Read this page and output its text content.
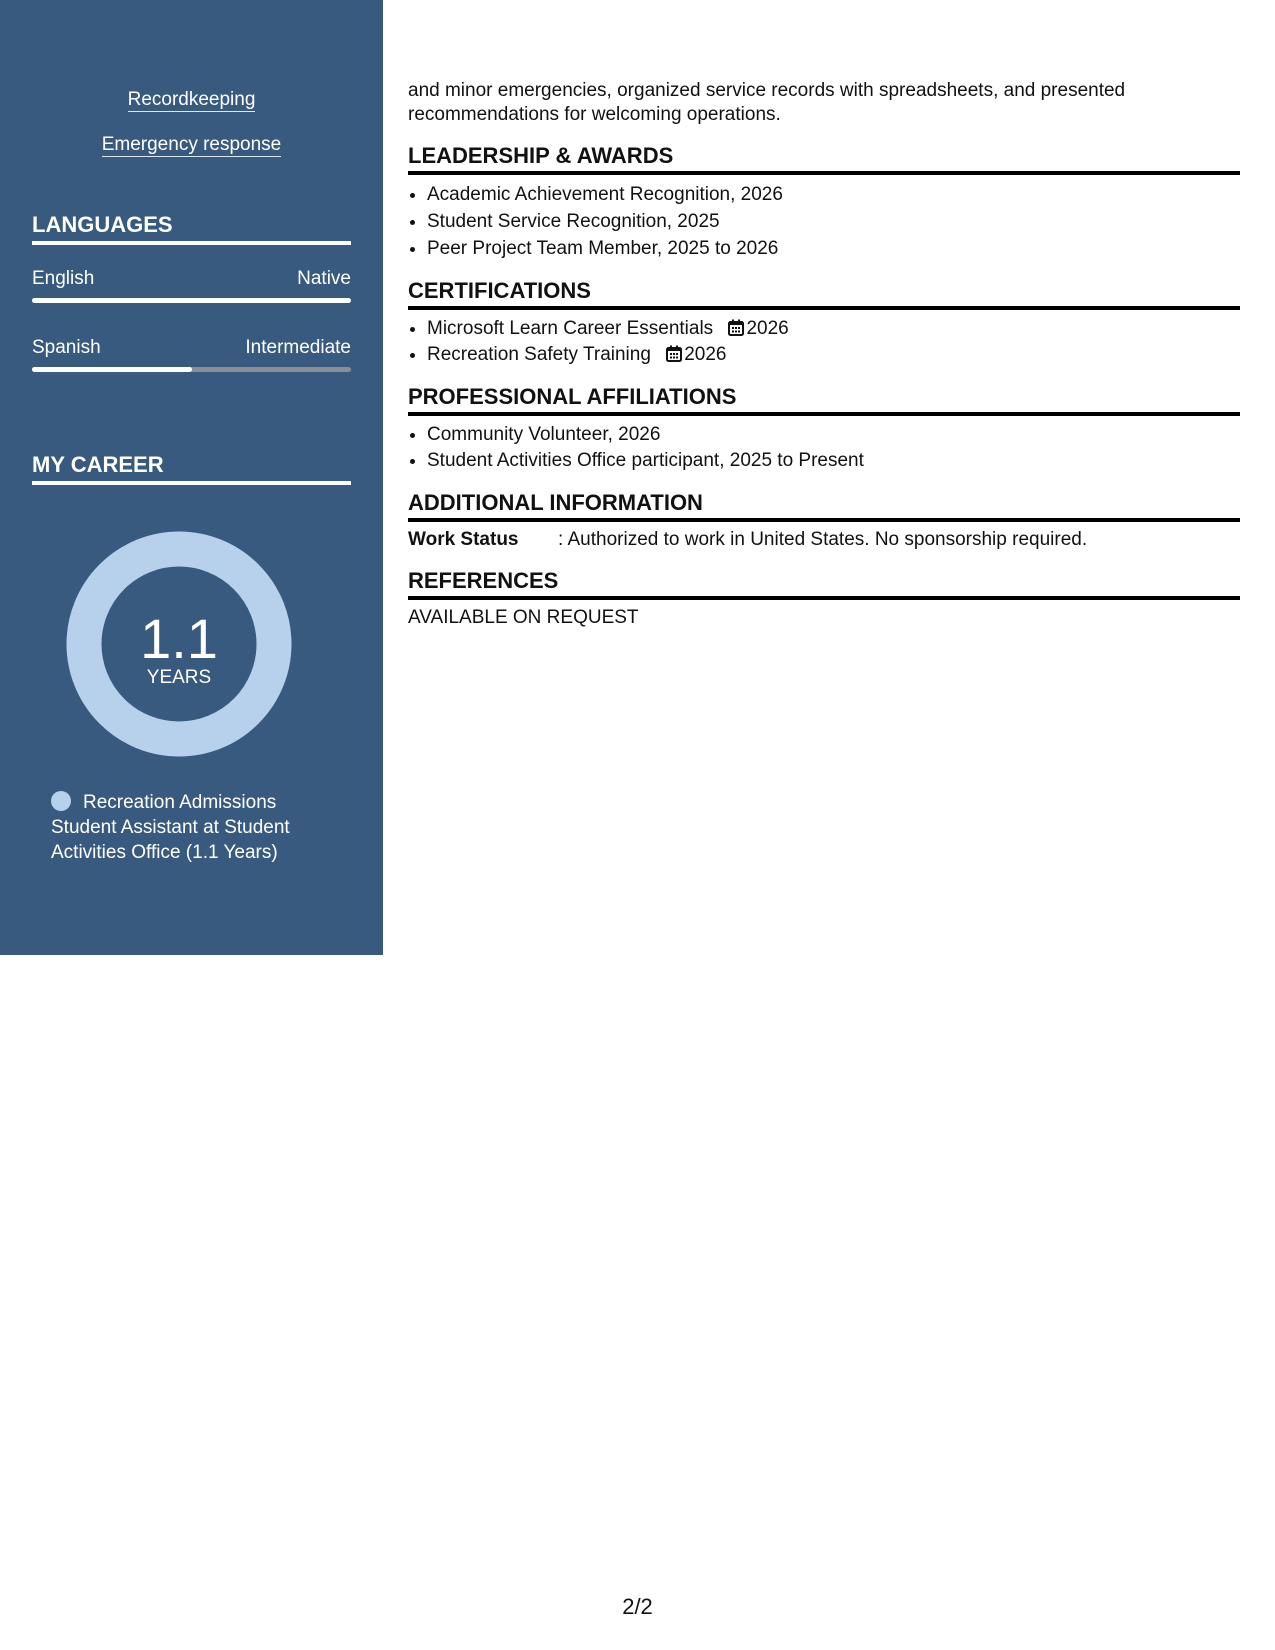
Recordkeeping
Emergency response
LANGUAGES
English	Native
Spanish	Intermediate
MY CAREER
1.1
YEARS
Recreation Admissions Student Assistant at Student Activities Office (1.1 Years)
and minor emergencies, organized service records with spreadsheets, and presented recommendations for welcoming operations.
LEADERSHIP & AWARDS
• Academic Achievement Recognition, 2026
• Student Service Recognition, 2025
• Peer Project Team Member, 2025 to 2026
CERTIFICATIONS
• Microsoft Learn Career Essentials 2026
• Recreation Safety Training 2026
PROFESSIONAL AFFILIATIONS
• Community Volunteer, 2026
• Student Activities Office participant, 2025 to Present
ADDITIONAL INFORMATION
Work Status	: Authorized to work in United States. No sponsorship required.
REFERENCES
AVAILABLE ON REQUEST
2/2
